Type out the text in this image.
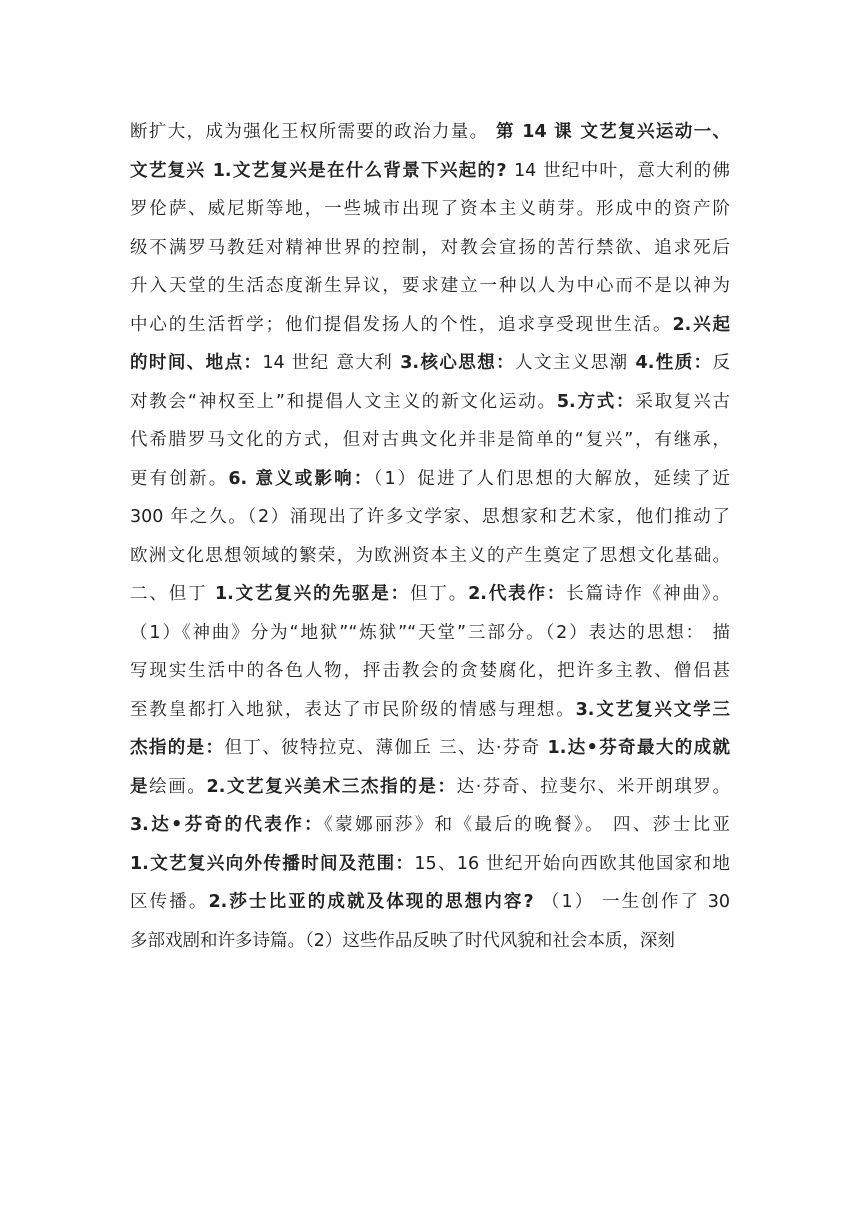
断扩大，成为强化王权所需要的政治力量。 第 14 课 文艺复兴运动一、
文艺复兴 1.文艺复兴是在什么背景下兴起的? 14 世纪中叶，意大利的佛
罗伦萨、威尼斯等地，一些城市出现了资本主义萌芽。形成中的资产阶
级不满罗马教廷对精神世界的控制，对教会宣扬的苦行禁欲、追求死后
升入天堂的生活态度渐生异议，要求建立一种以人为中心而不是以神为
中心的生活哲学；他们提倡发扬人的个性，追求享受现世生活。2.兴起
的时间、地点：14 世纪 意大利 3.核心思想：人文主义思潮 4.性质：反
对教会“神权至上”和提倡人文主义的新文化运动。5.方式：采取复兴古
代希腊罗马文化的方式，但对古典文化并非是简单的“复兴”，有继承，
更有创新。6. 意义或影响：（1）促进了人们思想的大解放，延续了近
300 年之久。（2）涌现出了许多文学家、思想家和艺术家，他们推动了
欧洲文化思想领域的繁荣，为欧洲资本主义的产生奠定了思想文化基础。
二、但丁 1.文艺复兴的先驱是：但丁。2.代表作：长篇诗作《神曲》。
（1）《神曲》分为“地狱”“炼狱”“天堂”三部分。（2）表达的思想： 描
写现实生活中的各色人物，抨击教会的贪婪腐化，把许多主教、僧侣甚
至教皇都打入地狱，表达了市民阶级的情感与理想。3.文艺复兴文学三
杰指的是：但丁、彼特拉克、薄伽丘 三、达·芬奇 1.达•芬奇最大的成就
是绘画。2.文艺复兴美术三杰指的是：达·芬奇、拉斐尔、米开朗琪罗。
3.达•芬奇的代表作：《蒙娜丽莎》和《最后的晚餐》。 四、莎士比亚
1.文艺复兴向外传播时间及范围：15、16 世纪开始向西欧其他国家和地
区传播。2.莎士比亚的成就及体现的思想内容? （1） 一生创作了 30
多部戏剧和许多诗篇。（2）这些作品反映了时代风貌和社会本质，深刻
